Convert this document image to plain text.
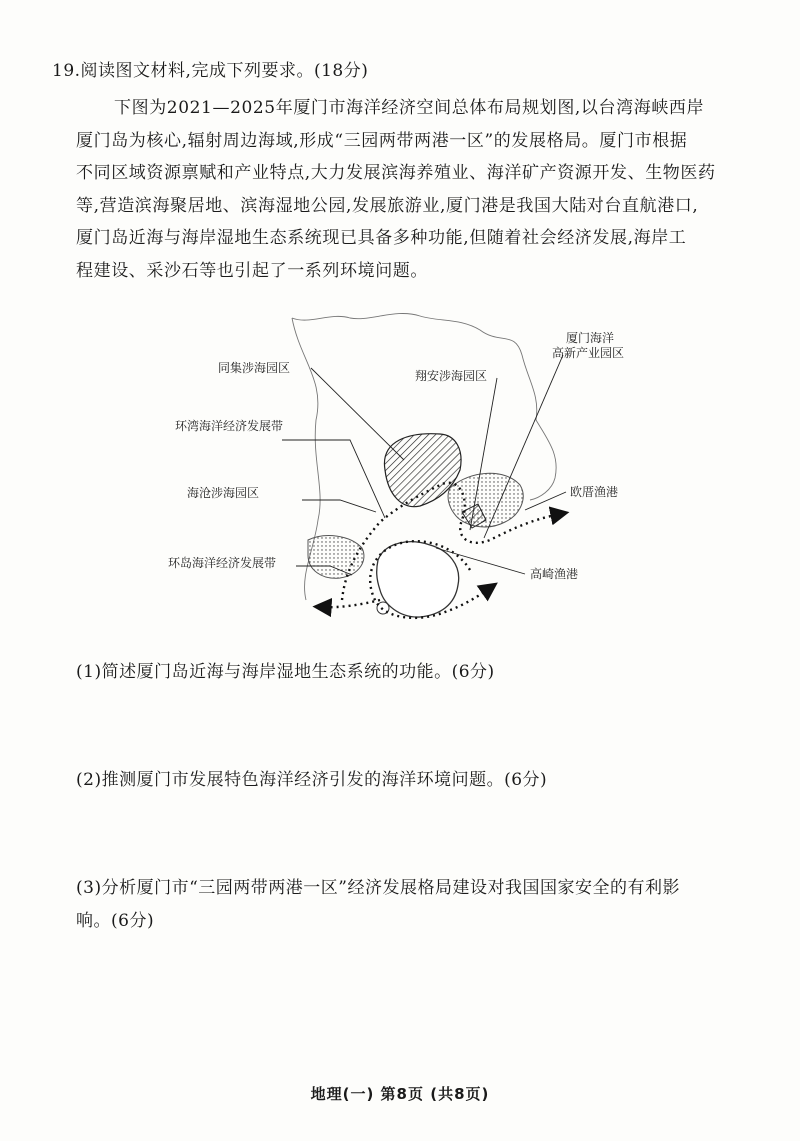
19.阅读图文材料,完成下列要求。(18分)
下图为2021—2025年厦门市海洋经济空间总体布局规划图,以台湾海峡西岸
厦门岛为核心,辐射周边海域,形成“三园两带两港一区”的发展格局。厦门市根据
不同区域资源禀赋和产业特点,大力发展滨海养殖业、海洋矿产资源开发、生物医药
等,营造滨海聚居地、滨海湿地公园,发展旅游业,厦门港是我国大陆对台直航港口,
厦门岛近海与海岸湿地生态系统现已具备多种功能,但随着社会经济发展,海岸工
程建设、采沙石等也引起了一系列环境问题。
厦门海洋
高新产业园区
同集涉海园区
翔安涉海园区
环湾海洋经济发展带
欧厝渔港
海沧涉海园区
环岛海洋经济发展带
高崎渔港
(1)简述厦门岛近海与海岸湿地生态系统的功能。(6分)
(2)推测厦门市发展特色海洋经济引发的海洋环境问题。(6分)
(3)分析厦门市“三园两带两港一区”经济发展格局建设对我国国家安全的有利影
响。(6分)
地理(一) 第8页 (共8页)
